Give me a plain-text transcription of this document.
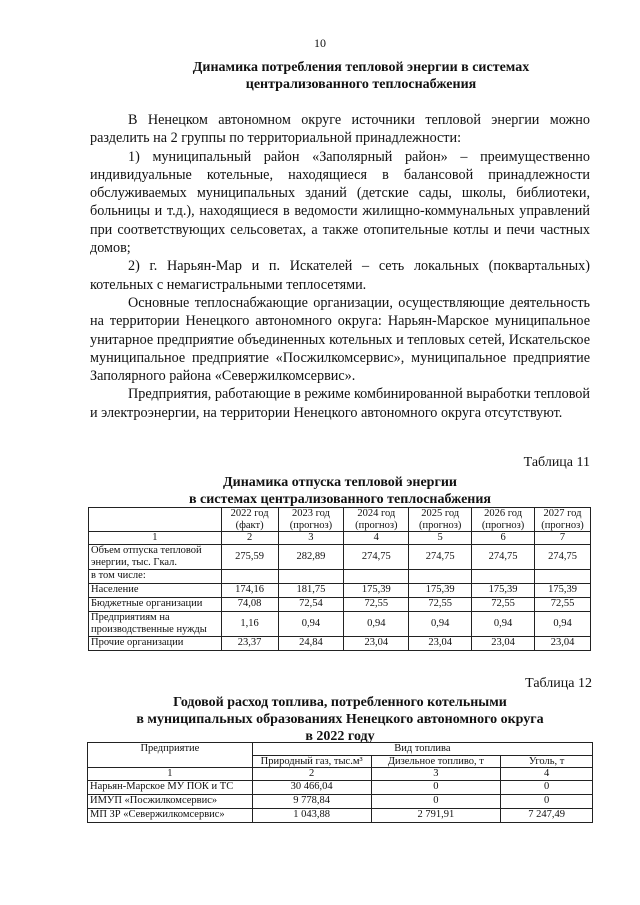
10
Динамика потребления тепловой энергии в системах
централизованного теплоснабжения

В Ненецком автономном округе источники тепловой энергии можно разделить на 2 группы по территориальной принадлежности:

1) муниципальный район «Заполярный район» – преимущественно индивидуальные котельные, находящиеся в балансовой принадлежности обслуживаемых муниципальных зданий (детские сады, школы, библиотеки, больницы и т.д.), находящиеся в ведомости жилищно-коммунальных управлений при соответствующих сельсоветах, а также отопительные котлы и печи частных домов;

2) г. Нарьян-Мар и п. Искателей – сеть локальных (поквартальных) котельных с немагистральными теплосетями.

Основные теплоснабжающие организации, осуществляющие деятельность на территории Ненецкого автономного округа: Нарьян-Марское муниципальное унитарное предприятие объединенных котельных и тепловых сетей, Искательское муниципальное предприятие «Посжилкомсервис», муниципальное предприятие Заполярного района «Севержилкомсервис».

Предприятия, работающие в режиме комбинированной выработки тепловой и электроэнергии, на территории Ненецкого автономного округа отсутствуют.

Таблица 11
Динамика отпуска тепловой энергии
в системах централизованного теплоснабжения
	2022 год (факт)	2023 год (прогноз)	2024 год (прогноз)	2025 год (прогноз)	2026 год (прогноз)	2027 год (прогноз)
1	2	3	4	5	6	7
Объем отпуска тепловой энергии, тыс. Гкал.	275,59	282,89	274,75	274,75	274,75	274,75
в том числе:						
Население	174,16	181,75	175,39	175,39	175,39	175,39
Бюджетные организации	74,08	72,54	72,55	72,55	72,55	72,55
Предприятиям на производственные нужды	1,16	0,94	0,94	0,94	0,94	0,94
Прочие организации	23,37	24,84	23,04	23,04	23,04	23,04
Таблица 12
Годовой расход топлива, потребленного котельными
в муниципальных образованиях Ненецкого автономного округа
в 2022 году
Предприятие	Вид топлива		
	Природный газ, тыс.м³	Дизельное топливо, т	Уголь, т
1	2	3	4
Нарьян-Марское МУ ПОК и ТС	30 466,04	0	0
ИМУП «Посжилкомсервис»	9 778,84	0	0
МП ЗР «Севержилкомсервис»	1 043,88	2 791,91	7 247,49
